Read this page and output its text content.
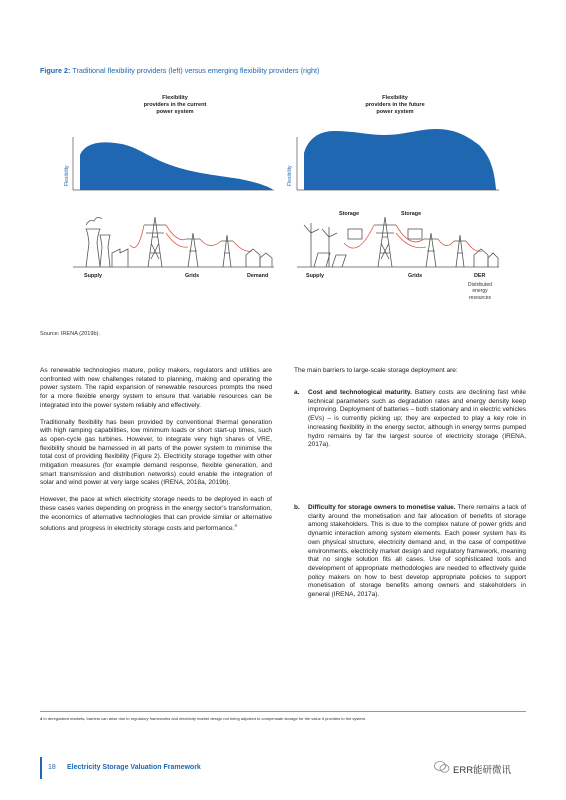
Figure 2: Traditional flexibility providers (left) versus emerging flexibility providers (right)
Flexibility
providers in the current
power system
Flexibility
providers in the future
power system
Flexibility	Flexibility
Supply	Grids	Demand
Storage	Storage
Supply	Grids	DER
Distributed
energy
resources
Source: IRENA (2019b).

As renewable technologies mature, policy makers, regulators and utilities are confronted with new challenges related to planning, making and operating the power system. The rapid expansion of renewable resources prompts the need for a more flexible energy system to ensure that variable resources can be integrated into the power system reliably and effectively.

Traditionally flexibility has been provided by conventional thermal generation with high ramping capabilities, low minimum loads or short start-up times, such as open-cycle gas turbines. However, to integrate very high shares of VRE, flexibility should be harnessed in all parts of the power system to minimise the total cost of providing flexibility (Figure 2). Electricity storage together with other mitigation measures (for example demand response, flexible generation, and smart transmission and distribution networks) could enable the integration of solar and wind power at very large scales (IRENA, 2018a, 2019b).

However, the pace at which electricity storage needs to be deployed in each of these cases varies depending on progress in the energy sector's transformation, the economics of alternative technologies that can provide similar or alternative solutions and progress in electricity storage costs and performance.$^4$

The main barriers to large-scale storage deployment are:
a. Cost and technological maturity. Battery costs are declining fast while technical parameters such as degradation rates and energy density keep improving. Deployment of batteries – both stationary and in electric vehicles (EVs) – is currently picking up; they are expected to play a key role in increasing flexibility in the energy sector, although in energy terms pumped hydro remains by far the largest source of electricity storage (IRENA, 2017a).
b. Difficulty for storage owners to monetise value. There remains a lack of clarity around the monetisation and fair allocation of benefits of storage among stakeholders. This is due to the complex nature of power grids and dynamic interaction among system elements. Each power system has its own physical structure, electricity demand and, in the case of competitive environments, electricity market design and regulatory framework, meaning that no single solution fits all cases. Use of sophisticated tools and development of appropriate methodologies are needed to effectively guide policy makers on how to best develop appropriate policies to support monetisation of storage benefits among owners and stakeholders in general (IRENA, 2017a).
4 In deregulated markets, barriers can arise due to regulatory frameworks and electricity market design not being adjusted to compensate storage for the value it provides to the system.
18 Electricity Storage Valuation Framework	ERR能研微讯
